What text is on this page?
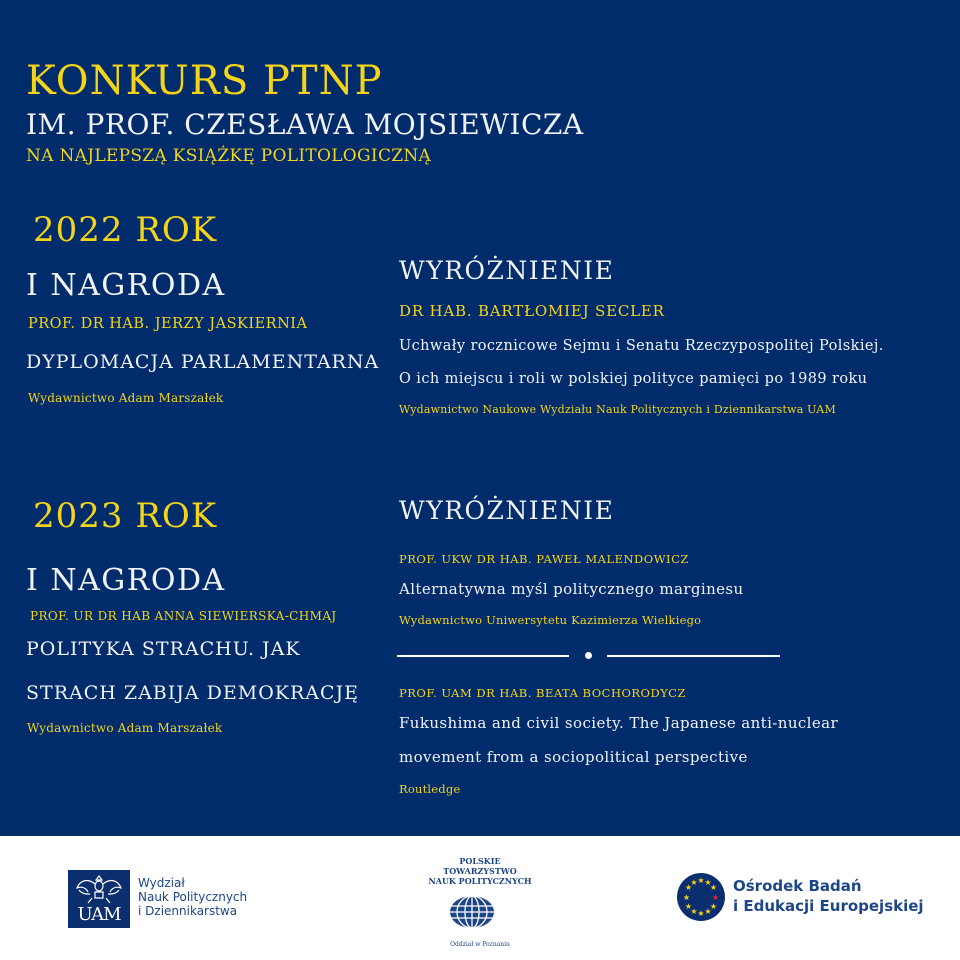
KONKURS PTNP
IM. PROF. CZESŁAWA MOJSIEWICZA
NA NAJLEPSZĄ KSIĄŻKĘ POLITOLOGICZNĄ
2022 ROK
I NAGRODA
PROF. DR HAB. JERZY JASKIERNIA
DYPLOMACJA PARLAMENTARNA
Wydawnictwo Adam Marszałek
WYRÓŻNIENIE
DR HAB. BARTŁOMIEJ SECLER
Uchwały rocznicowe Sejmu i Senatu Rzeczypospolitej Polskiej.
O ich miejscu i roli w polskiej polityce pamięci po 1989 roku
Wydawnictwo Naukowe Wydziału Nauk Politycznych i Dziennikarstwa UAM
2023 ROK
I NAGRODA
PROF. UR DR HAB ANNA SIEWIERSKA-CHMAJ
POLITYKA STRACHU. JAK
STRACH ZABIJA DEMOKRACJĘ
Wydawnictwo Adam Marszałek
WYRÓŻNIENIE
PROF. UKW DR HAB. PAWEŁ MALENDOWICZ
Alternatywna myśl politycznego marginesu
Wydawnictwo Uniwersytetu Kazimierza Wielkiego
PROF. UAM DR HAB. BEATA BOCHORODYCZ
Fukushima and civil society. The Japanese anti-nuclear
movement from a sociopolitical perspective
Routledge
UAM
Wydział
Nauk Politycznych
i Dziennikarstwa
POLSKIE
TOWARZYSTWO
NAUK POLITYCZNYCH
Oddział w Poznaniu
★ ★
★
★
★
★
★
★ ★ ★
★
★
Ośrodek Badań
i Edukacji Europejskiej
